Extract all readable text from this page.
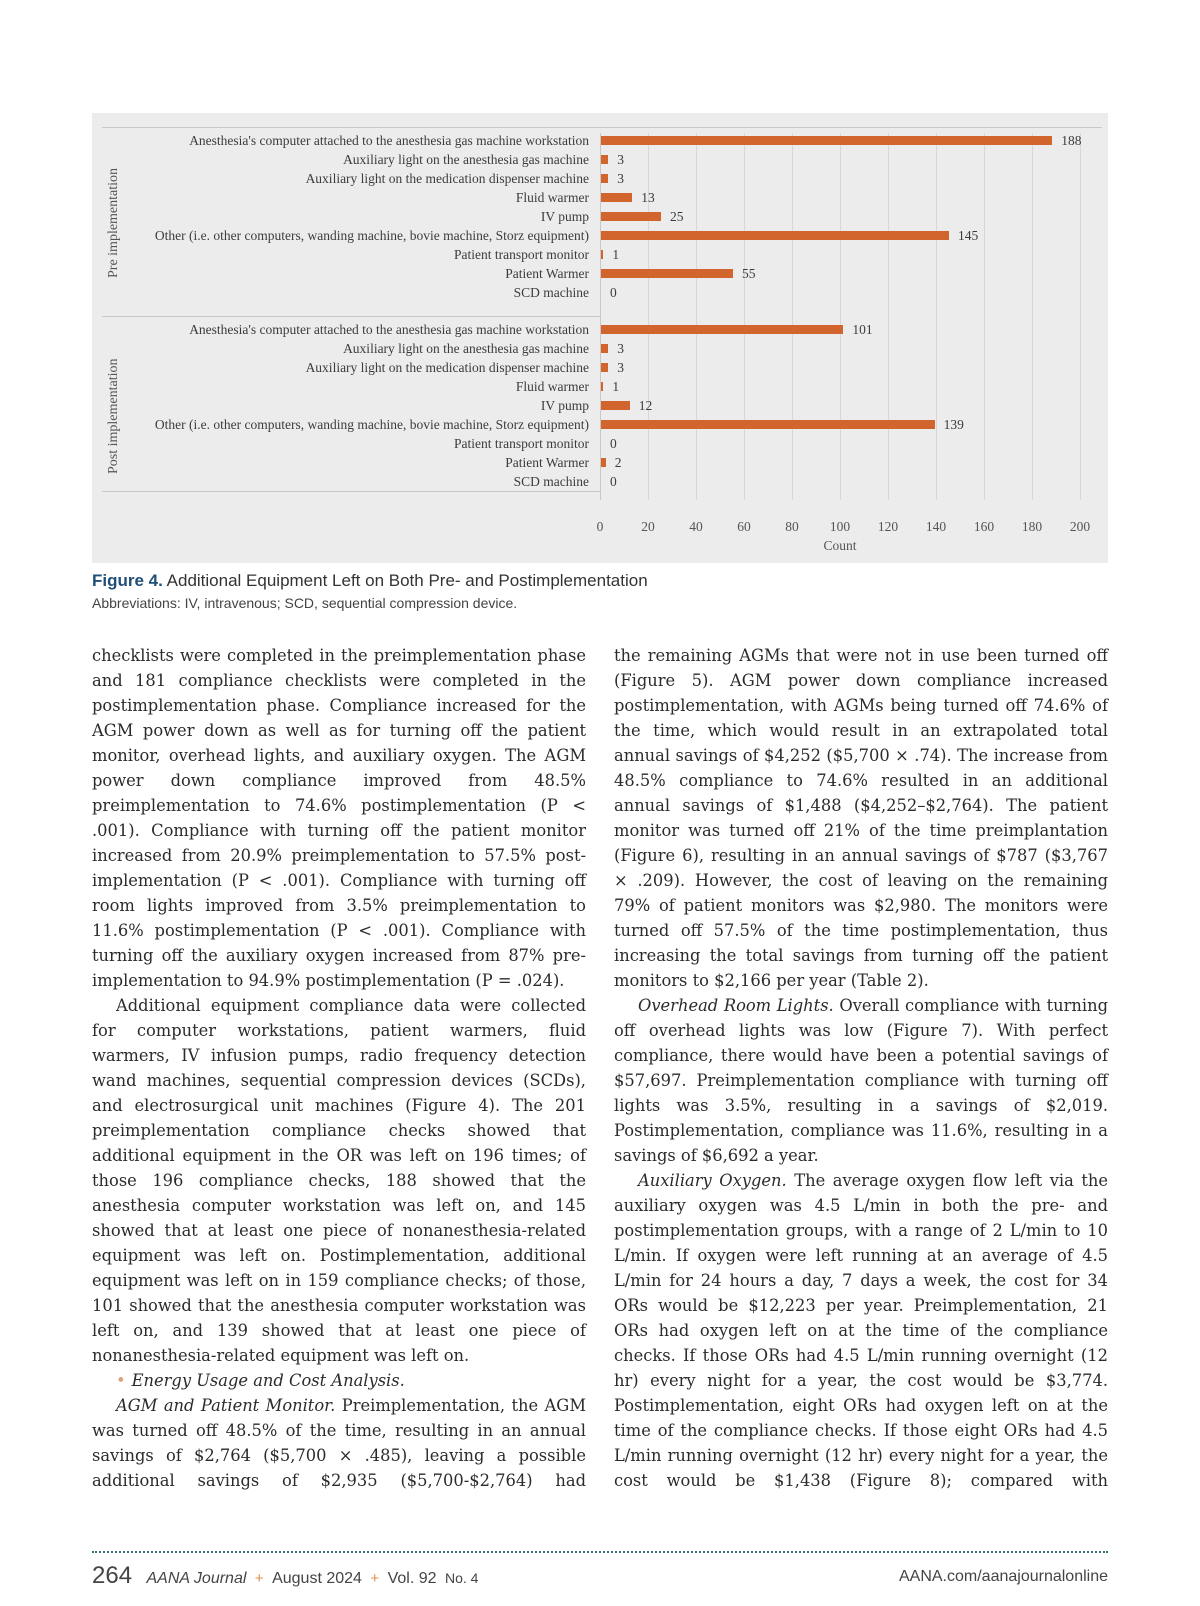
Anesthesia's computer attached to the anesthesia gas machine workstation
Auxiliary light on the anesthesia gas machine
Auxiliary light on the medication dispenser machine
Fluid warmer
IV pump
Other (i.e. other computers, wanding machine, bovie machine, Storz equipment)
Patient transport monitor
Patient Warmer
SCD machine
Anesthesia's computer attached to the anesthesia gas machine workstation
Auxiliary light on the anesthesia gas machine
Auxiliary light on the medication dispenser machine
Fluid warmer
IV pump
Other (i.e. other computers, wanding machine, bovie machine, Storz equipment)
Patient transport monitor
Patient Warmer
SCD machine
0	20	40	60	80 100 120 140 160 180 200
Count
188
3
3
13
25
145
1
55
0
101
3
3
1
12
139
0
2
0
Pre implementation
Post implementation
Figure 4. Additional Equipment Left on Both Pre- and Postimplementation
Abbreviations: IV, intravenous; SCD, sequential compression device.

checklists were completed in the preimplementation phase and 181 compliance checklists were completed in the postimplementation phase. Compliance increased for the AGM power down as well as for turning off the patient monitor, overhead lights, and auxiliary oxygen. The AGM power down compliance improved from 48.5% preimplementation to 74.6% postimplementation (P < .001). Compliance with turning off the patient monitor increased from 20.9% preimplementation to 57.5% post-implementation (P < .001). Compliance with turning off room lights improved from 3.5% preimplementation to 11.6% postimplementation (P < .001). Compliance with turning off the auxiliary oxygen increased from 87% pre-implementation to 94.9% postimplementation (P = .024).

Additional equipment compliance data were collected for computer workstations, patient warmers, fluid warmers, IV infusion pumps, radio frequency detection wand machines, sequential compression devices (SCDs), and electrosurgical unit machines (Figure 4). The 201 preimplementation compliance checks showed that additional equipment in the OR was left on 196 times; of those 196 compliance checks, 188 showed that the anesthesia computer workstation was left on, and 145 showed that at least one piece of nonanesthesia-related equipment was left on. Postimplementation, additional equipment was left on in 159 compliance checks; of those, 101 showed that the anesthesia computer workstation was left on, and 139 showed that at least one piece of nonanesthesia-related equipment was left on.

• Energy Usage and Cost Analysis.

AGM and Patient Monitor. Preimplementation, the AGM was turned off 48.5% of the time, resulting in an annual savings of $2,764 ($5,700 × .485), leaving a possible additional savings of $2,935 ($5,700-$2,764) had

the remaining AGMs that were not in use been turned off (Figure 5). AGM power down compliance increased postimplementation, with AGMs being turned off 74.6% of the time, which would result in an extrapolated total annual savings of $4,252 ($5,700 × .74). The increase from 48.5% compliance to 74.6% resulted in an additional annual savings of $1,488 ($4,252–$2,764). The patient monitor was turned off 21% of the time preimplantation (Figure 6), resulting in an annual savings of $787 ($3,767 × .209). However, the cost of leaving on the remaining 79% of patient monitors was $2,980. The monitors were turned off 57.5% of the time postimplementation, thus increasing the total savings from turning off the patient monitors to $2,166 per year (Table 2).

Overhead Room Lights. Overall compliance with turning off overhead lights was low (Figure 7). With perfect compliance, there would have been a potential savings of $57,697. Preimplementation compliance with turning off lights was 3.5%, resulting in a savings of $2,019. Postimplementation, compliance was 11.6%, resulting in a savings of $6,692 a year.

Auxiliary Oxygen. The average oxygen flow left via the auxiliary oxygen was 4.5 L/min in both the pre- and postimplementation groups, with a range of 2 L/min to 10 L/min. If oxygen were left running at an average of 4.5 L/min for 24 hours a day, 7 days a week, the cost for 34 ORs would be $12,223 per year. Preimplementation, 21 ORs had oxygen left on at the time of the compliance checks. If those ORs had 4.5 L/min running overnight (12 hr) every night for a year, the cost would be $3,774. Postimplementation, eight ORs had oxygen left on at the time of the compliance checks. If those eight ORs had 4.5 L/min running overnight (12 hr) every night for a year, the cost would be $1,438 (Figure 8); compared with

264 AANA Journal + August 2024 + Vol. 92 No. 4	AANA.com/aanajournalonline
